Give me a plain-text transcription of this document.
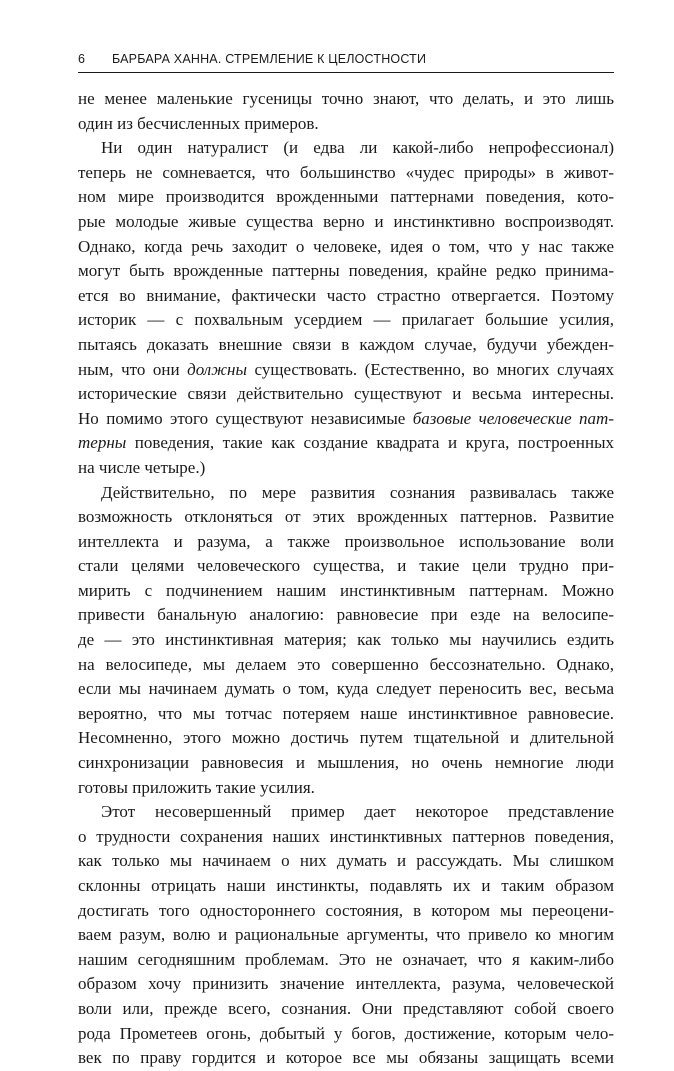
6	БАРБАРА ХАННА. СТРЕМЛЕНИЕ К ЦЕЛОСТНОСТИ
не менее маленькие гусеницы точно знают, что делать, и это лишь
один из бесчисленных примеров.
Ни один натуралист (и едва ли какой-либо непрофессионал)
теперь не сомневается, что большинство «чудес природы» в живот-
ном мире производится врожденными паттернами поведения, кото-
рые молодые живые существа верно и инстинктивно воспроизводят.
Однако, когда речь заходит о человеке, идея о том, что у нас также
могут быть врожденные паттерны поведения, крайне редко принима-
ется во внимание, фактически часто страстно отвергается. Поэтому
историк — с похвальным усердием — прилагает большие усилия,
пытаясь доказать внешние связи в каждом случае, будучи убежден-
ным, что они должны существовать. (Естественно, во многих случаях
исторические связи действительно существуют и весьма интересны.
Но помимо этого существуют независимые базовые человеческие пат-
терны поведения, такие как создание квадрата и круга, построенных
на числе четыре.)
Действительно, по мере развития сознания развивалась также
возможность отклоняться от этих врожденных паттернов. Развитие
интеллекта и разума, а также произвольное использование воли
стали целями человеческого существа, и такие цели трудно при-
мирить с подчинением нашим инстинктивным паттернам. Можно
привести банальную аналогию: равновесие при езде на велосипе-
де — это инстинктивная материя; как только мы научились ездить
на велосипеде, мы делаем это совершенно бессознательно. Однако,
если мы начинаем думать о том, куда следует переносить вес, весьма
вероятно, что мы тотчас потеряем наше инстинктивное равновесие.
Несомненно, этого можно достичь путем тщательной и длительной
синхронизации равновесия и мышления, но очень немногие люди
готовы приложить такие усилия.
Этот несовершенный пример дает некоторое представление
о трудности сохранения наших инстинктивных паттернов поведения,
как только мы начинаем о них думать и рассуждать. Мы слишком
склонны отрицать наши инстинкты, подавлять их и таким образом
достигать того одностороннего состояния, в котором мы переоцени-
ваем разум, волю и рациональные аргументы, что привело ко многим
нашим сегодняшним проблемам. Это не означает, что я каким-либо
образом хочу принизить значение интеллекта, разума, человеческой
воли или, прежде всего, сознания. Они представляют собой своего
рода Прометеев огонь, добытый у богов, достижение, которым чело-
век по праву гордится и которое все мы обязаны защищать всеми
